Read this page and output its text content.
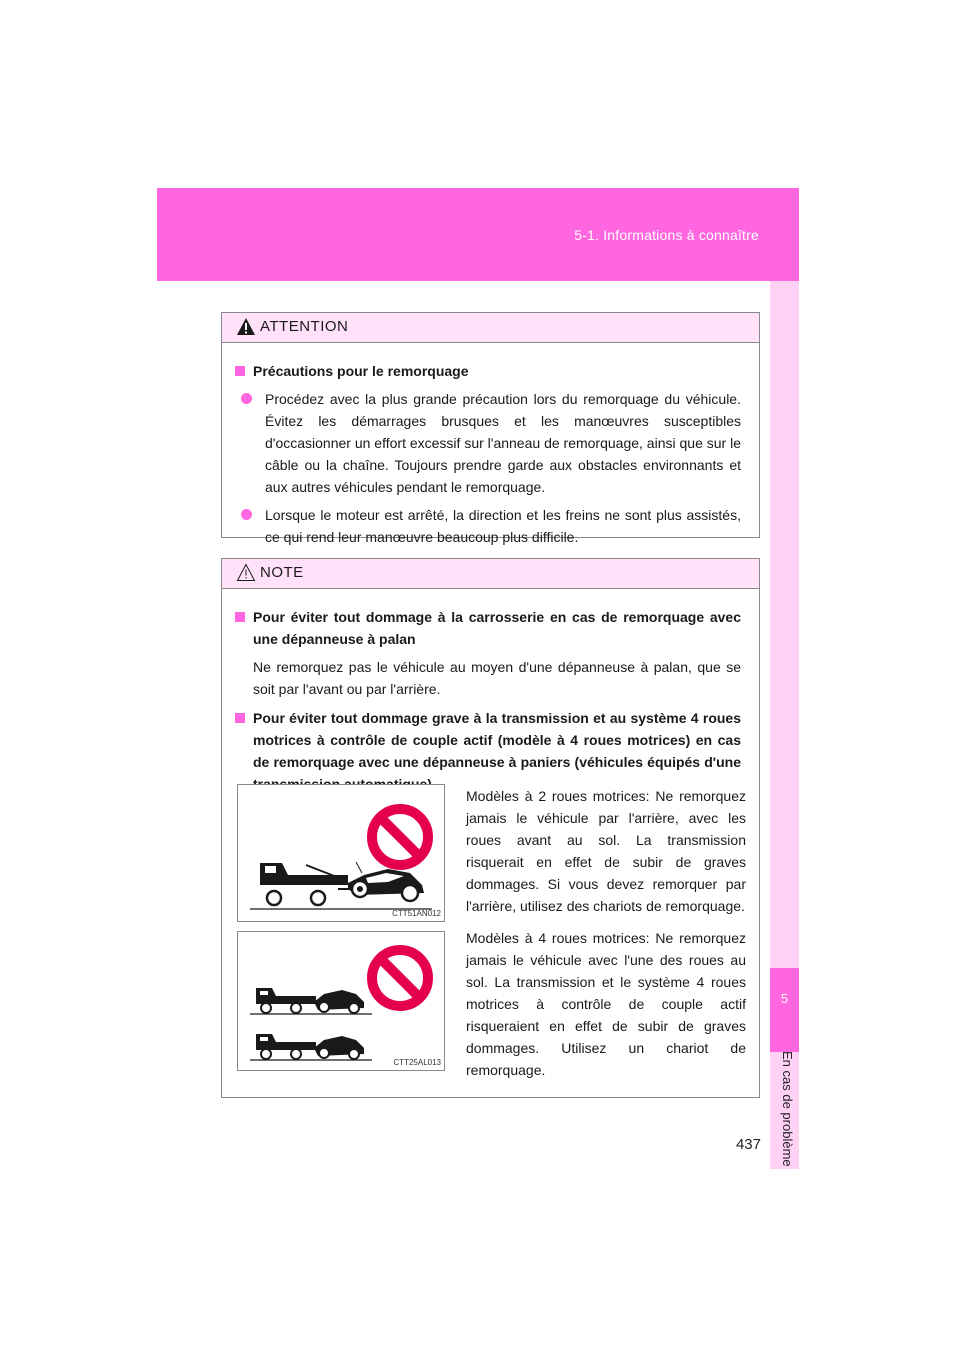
5-1. Informations à connaître
5
En cas de problème
ATTENTION
Précautions pour le remorquage
Procédez avec la plus grande précaution lors du remorquage du véhicule. Évitez les démarrages brusques et les manœuvres susceptibles d'occasionner un effort excessif sur l'anneau de remorquage, ainsi que sur le câble ou la chaîne. Toujours prendre garde aux obstacles environnants et aux autres véhicules pendant le remorquage.
Lorsque le moteur est arrêté, la direction et les freins ne sont plus assistés, ce qui rend leur manœuvre beaucoup plus difficile.
NOTE
Pour éviter tout dommage à la carrosserie en cas de remorquage avec une dépanneuse à palan
Ne remorquez pas le véhicule au moyen d'une dépanneuse à palan, que se soit par l'avant ou par l'arrière.
Pour éviter tout dommage grave à la transmission et au système 4 roues motrices à contrôle de couple actif (modèle à 4 roues motrices) en cas de remorquage avec une dépanneuse à paniers (véhicules équipés d'une
CTT51AN012
Modèles à 2 roues motrices: Ne remorquez jamais le véhicule par l'arrière, avec les roues avant au sol. La transmission risquerait en effet de subir de graves dommages. Si vous devez remorquer par l'arrière, utilisez des chariots de remorquage.
CTT25AL013
Modèles à 4 roues motrices: Ne remorquez jamais le véhicule avec l'une des roues au sol. La transmission et le système 4 roues motrices à contrôle de couple actif risqueraient en effet de subir de graves dommages. Utilisez un chariot de remorquage.
437
